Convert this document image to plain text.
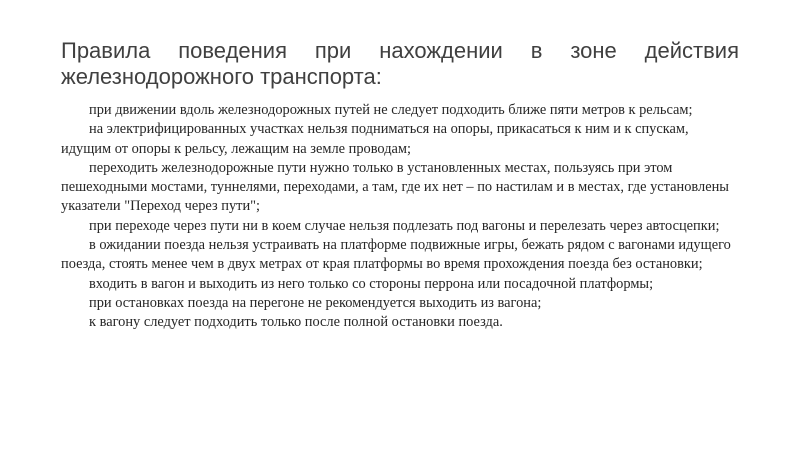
Правила поведения при нахождении в зоне действия железнодорожного транспорта:
при движении вдоль железнодорожных путей не следует подходить ближе пяти метров к рельсам;
на электрифицированных участках нельзя подниматься на опоры, прикасаться к ним и к спускам, идущим от опоры к рельсу, лежащим на земле проводам;
переходить железнодорожные пути нужно только в установленных местах, пользуясь при этом пешеходными мостами, туннелями, переходами, а там, где их нет – по настилам и в местах, где установлены указатели "Переход через пути";
при переходе через пути ни в коем случае нельзя подлезать под вагоны и перелезать через автосцепки;
в ожидании поезда нельзя устраивать на платформе подвижные игры, бежать рядом с вагонами идущего поезда, стоять менее чем в двух метрах от края платформы во время прохождения поезда без остановки;
входить в вагон и выходить из него только со стороны перрона или посадочной платформы;
при остановках поезда на перегоне не рекомендуется выходить из вагона;
к вагону следует подходить только после полной остановки поезда.
